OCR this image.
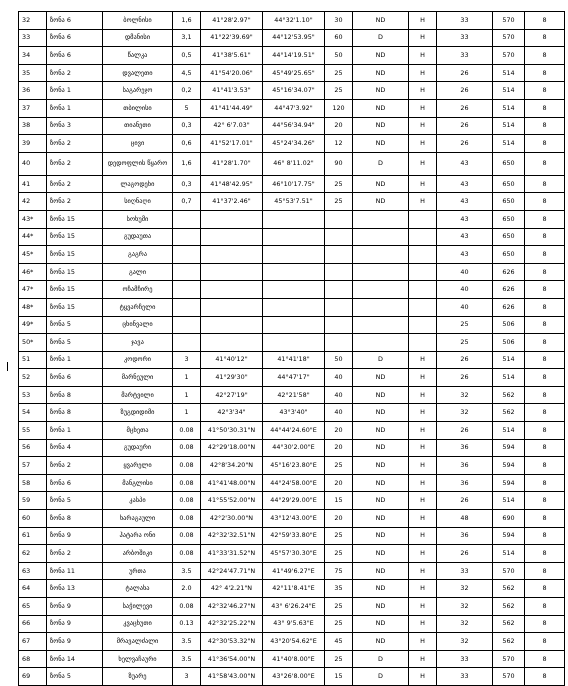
32	ზონა 6	ბოლნისი	1,6	41°28'2.97"	44°32'1.10"	30	ND	H	33	570	8
33	ზონა 6	დმანისი	3,1	41°22'39.69"	44°12'53.95"	60	D	H	33	570	8
34	ზონა 6	წალკა	0,5	41°38'5.61"	44°14'19.51"	50	ND	H	33	570	8
35	ზონა 2	დვალეთი	4,5	41°54'20.06"	45°49'25.65"	25	ND	H	26	514	8
36	ზონა 1	საგარეჯო	0,2	41°41'3.53"	45°16'34.07"	25	ND	H	26	514	8
37	ზონა 1	თბილისი	5	41°41'44.49"	44°47'3.92"	120	ND	H	26	514	8
38	ზონა 3	თიანეთი	0,3	42° 6'7.03"	44°56'34.94"	20	ND	H	26	514	8
39	ზონა 2	ცივი	0,6	41°52'17.01"	45°24'34.26"	12	ND	H	26	514	8
40	ზონა 2	დედოფლის წყარო	1,6	41°28'1.70"	46° 8'11.02"	90	D	H	43	650	8
41	ზონა 2	ლაგოდეხი	0,3	41°48'42.95"	46°10'17.75"	25	ND	H	43	650	8
42	ზონა 2	სიღნაღი	0,7	41°37'2.46"	45°53'7.51"	25	ND	H	43	650	8
43*	ზონა 15	სოხუმი							43	650	8
44*	ზონა 15	გუდაუთა							43	650	8
45*	ზონა 15	გაგრა							43	650	8
46*	ზონა 15	გალი							40	626	8
47*	ზონა 15	ოჩამჩირე							40	626	8
48*	ზონა 15	ტყვარჩელი							40	626	8
49*	ზონა 5	ცხინვალი							25	506	8
50*	ზონა 5	ჯავა							25	506	8
51	ზონა 1	კოდორი	3	41°40'12"	41°41'18"	50	D	H	26	514	8
52	ზონა 6	მარნეული	1	41°29'30"	44°47'17"	40	ND	H	26	514	8
53	ზონა 8	მარტვილი	1	42°27'19"	42°21'58"	40	ND	H	32	562	8
54	ზონა 8	ზუგდიდიმი	1	42°3'34"	43°3'40"	40	ND	H	32	562	8
55	ზონა 1	მცხეთა	0.08	41°50'30.31"N	44°44'24.60"E	20	ND	H	26	514	8
56	ზონა 4	გუდაური	0.08	42°29'18.00"N	44°30'2.00"E	20	ND	H	36	594	8
57	ზონა 2	ყვარელი	0.08	42°8'34.20"N	45°16'23.80"E	25	ND	H	36	594	8
58	ზონა 6	მანგლისი	0.08	41°41'48.00"N	44°24'58.00"E	20	ND	H	36	594	8
59	ზონა 5	კასპი	0.08	41°55'52.00"N	44°29'29.00"E	15	ND	H	26	514	8
60	ზონა 8	ხარაგაული	0.08	42°2'30.00"N	43°12'43.00"E	20	ND	H	48	690	8
61	ზონა 9	ჰატარა ონი	0.08	42°32'32.51"N	42°59'33.80"E	25	ND	H	36	594	8
62	ზონა 2	არბოშიკი	0.08	41°33'31.52"N	45°57'30.30"E	25	ND	H	26	514	8
63	ზონა 11	ურთა	3.5	42°24'47.71"N	41°49'6.27"E	75	ND	H	33	570	8
64	ზონა 13	ტალახა	2.0	42° 4'2.21"N	42°11'8.41"E	35	ND	H	32	562	8
65	ზონა 9	საჭილევი	0.08	42°32'46.27"N	43° 6'26.24"E	25	ND	H	32	562	8
66	ზონა 9	კვაცხუთი	0.13	42°32'25.22"N	43° 9'5.63"E	25	ND	H	32	562	8
67	ზონა 9	მრავალძალი	3.5	42°30'53.32"N	43°20'54.62"E	45	ND	H	32	562	8
68	ზონა 14	ხელვაჩაური	3.5	41°36'54.00"N	41°40'8.00"E	25	D	H	33	570	8
69	ზონა 5	ზუარე	3	41°58'43.00"N	43°26'8.00"E	15	D	H	33	570	8
